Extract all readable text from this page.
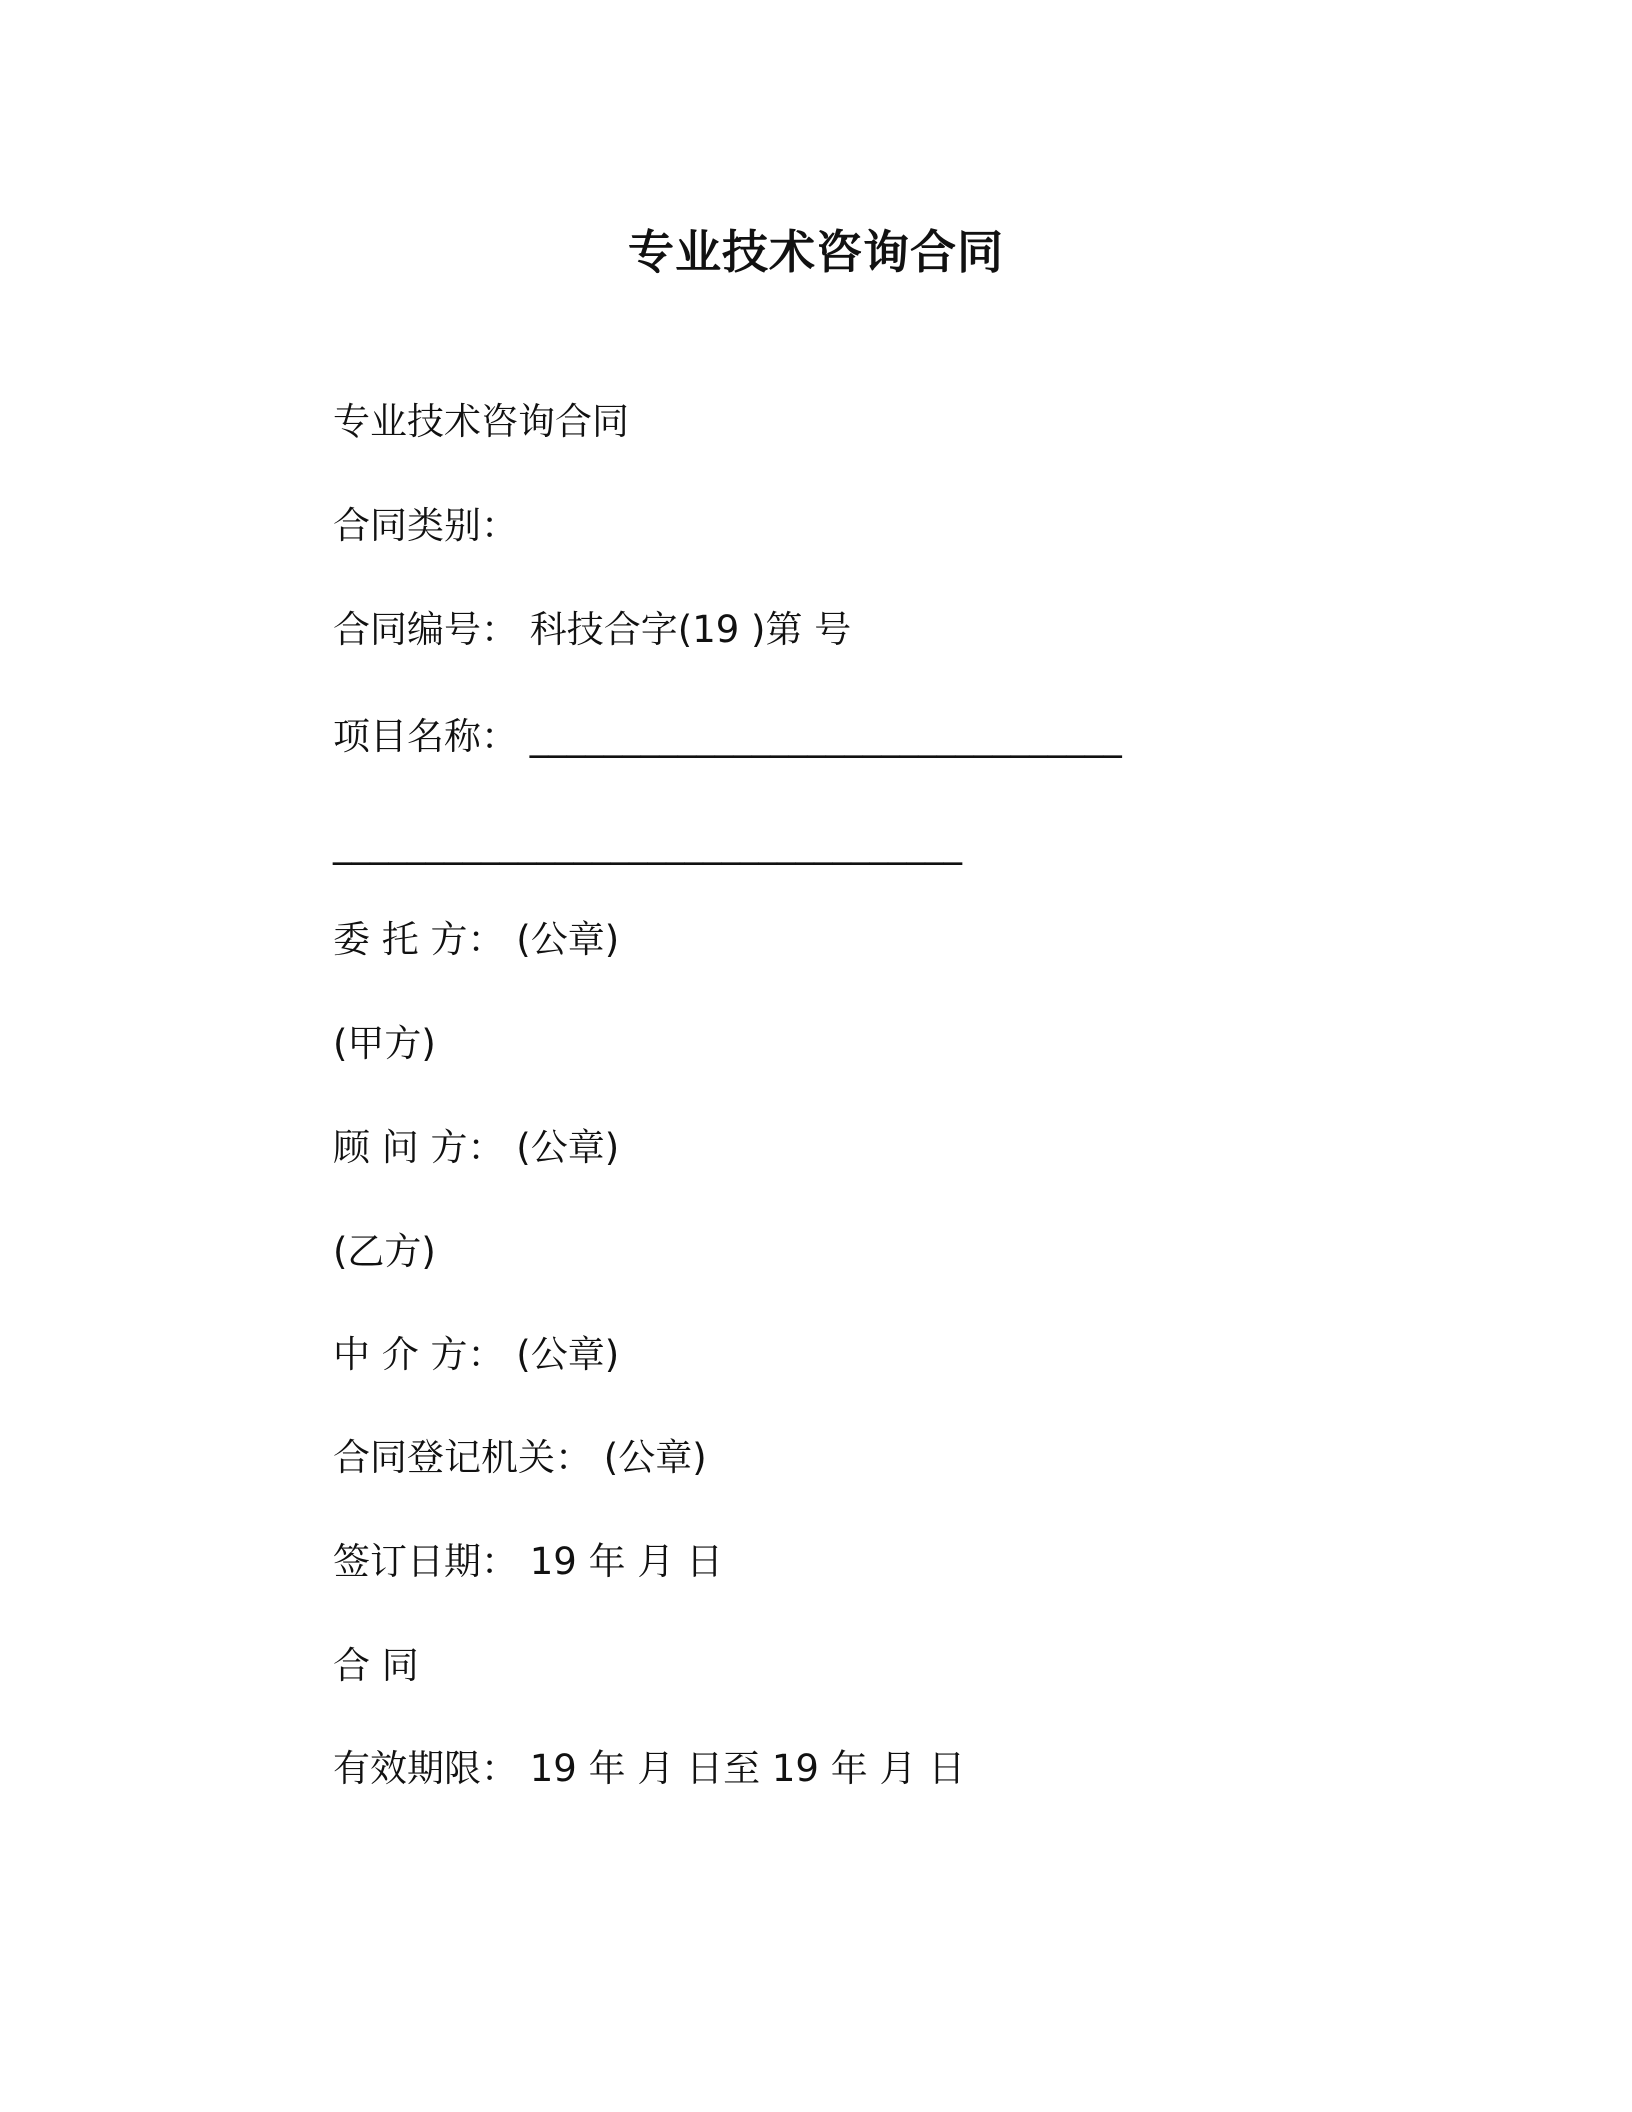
专业技术咨询合同

专业技术咨询合同

合同类别：

合同编号： 科技合字(19 )第 号

项目名称： ________________________________

__________________________________

委 托 方： (公章)

(甲方)

顾 问 方： (公章)

(乙方)

中 介 方： (公章)

合同登记机关： (公章)

签订日期： 19 年 月 日

合 同

有效期限： 19 年 月 日至 19 年 月 日
